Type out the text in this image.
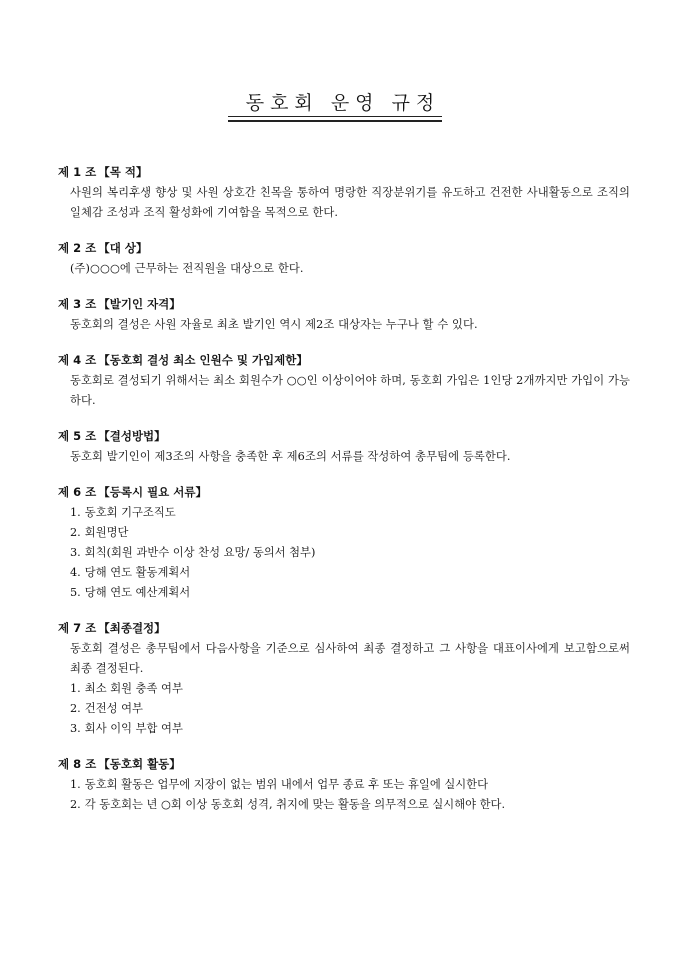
동호회 운영 규정
제 1 조 【목 적】

사원의 복리후생 향상 및 사원 상호간 친목을 통하여 명랑한 직장분위기를 유도하고 건전한 사내활동으로 조직의 일체감 조성과 조직 활성화에 기여함을 목적으로 한다.

제 2 조 【대 상】

(주)○○○에 근무하는 전직원을 대상으로 한다.

제 3 조 【발기인 자격】

동호회의 결성은 사원 자율로 최초 발기인 역시 제2조 대상자는 누구나 할 수 있다.

제 4 조 【동호회 결성 최소 인원수 및 가입제한】

동호회로 결성되기 위해서는 최소 회원수가 ○○인 이상이어야 하며, 동호회 가입은 1인당 2개까지만 가입이 가능하다.

제 5 조 【결성방법】

동호회 발기인이 제3조의 사항을 충족한 후 제6조의 서류를 작성하여 총무팀에 등록한다.

제 6 조 【등록시 필요 서류】
1. 동호회 기구조직도
2. 회원명단
3. 회칙(회원 과반수 이상 찬성 요망/ 동의서 첨부)
4. 당해 연도 활동계획서
5. 당해 연도 예산계획서
제 7 조 【최종결정】

동호회 결성은 총무팀에서 다음사항을 기준으로 심사하여 최종 결정하고 그 사항을 대표이사에게 보고함으로써 최종 결정된다.

1. 최소 회원 충족 여부
2. 건전성 여부
3. 회사 이익 부합 여부
제 8 조 【동호회 활동】
1. 동호회 활동은 업무에 지장이 없는 범위 내에서 업무 종료 후 또는 휴일에 실시한다
2. 각 동호회는 년 ○회 이상 동호회 성격, 취지에 맞는 활동을 의무적으로 실시해야 한다.
